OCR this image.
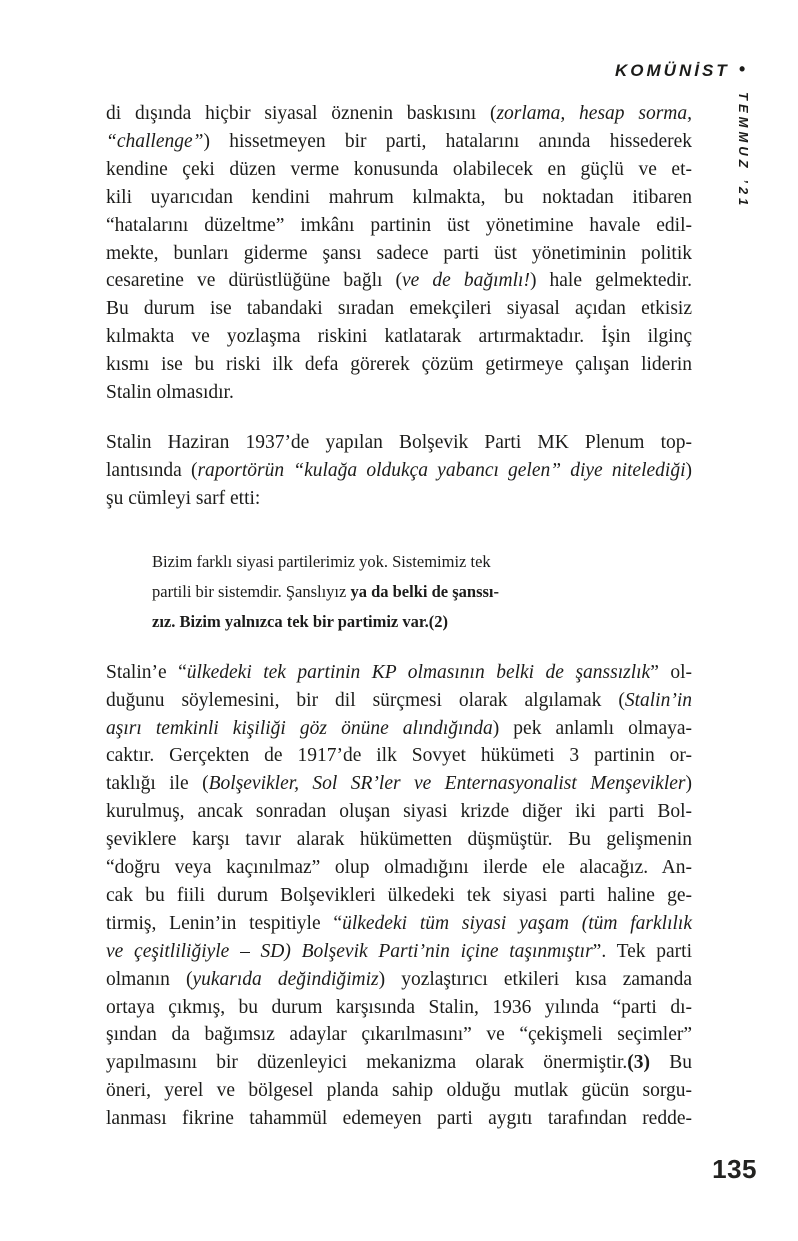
KOMÜNİST •
TEMMUZ ’21
di dışında hiçbir siyasal öznenin baskısını (zorlama, hesap sorma,
“challenge”) hissetmeyen bir parti, hatalarını anında hissederek
kendine çeki düzen verme konusunda olabilecek en güçlü ve et-
kili uyarıcıdan kendini mahrum kılmakta, bu noktadan itibaren
“hatalarını düzeltme” imkânı partinin üst yönetimine havale edil-
mekte, bunları giderme şansı sadece parti üst yönetiminin politik
cesaretine ve dürüstlüğüne bağlı (ve de bağımlı!) hale gelmektedir.
Bu durum ise tabandaki sıradan emekçileri siyasal açıdan etkisiz
kılmakta ve yozlaşma riskini katlatarak artırmaktadır. İşin ilginç
kısmı ise bu riski ilk defa görerek çözüm getirmeye çalışan liderin
Stalin olmasıdır.
Stalin Haziran 1937’de yapılan Bolşevik Parti MK Plenum top-
lantısında (raportörün “kulağa oldukça yabancı gelen” diye nitelediği)
şu cümleyi sarf etti:
Bizim farklı siyasi partilerimiz yok. Sistemimiz tek
partili bir sistemdir. Şanslıyız ya da belki de şanssı-
zız. Bizim yalnızca tek bir partimiz var.(2)
Stalin’e “ülkedeki tek partinin KP olmasının belki de şanssızlık” ol-
duğunu söylemesini, bir dil sürçmesi olarak algılamak (Stalin’in
aşırı temkinli kişiliği göz önüne alındığında) pek anlamlı olmaya-
caktır. Gerçekten de 1917’de ilk Sovyet hükümeti 3 partinin or-
taklığı ile (Bolşevikler, Sol SR’ler ve Enternasyonalist Menşevikler)
kurulmuş, ancak sonradan oluşan siyasi krizde diğer iki parti Bol-
şeviklere karşı tavır alarak hükümetten düşmüştür. Bu gelişmenin
“doğru veya kaçınılmaz” olup olmadığını ilerde ele alacağız. An-
cak bu fiili durum Bolşevikleri ülkedeki tek siyasi parti haline ge-
tirmiş, Lenin’in tespitiyle “ülkedeki tüm siyasi yaşam (tüm farklılık
ve çeşitliliğiyle – SD) Bolşevik Parti’nin içine taşınmıştır”. Tek parti
olmanın (yukarıda değindiğimiz) yozlaştırıcı etkileri kısa zamanda
ortaya çıkmış, bu durum karşısında Stalin, 1936 yılında “parti dı-
şından da bağımsız adaylar çıkarılmasını” ve “çekişmeli seçimler”
yapılmasını bir düzenleyici mekanizma olarak önermiştir.(3) Bu
öneri, yerel ve bölgesel planda sahip olduğu mutlak gücün sorgu-
lanması fikrine tahammül edemeyen parti aygıtı tarafından redde-
135
